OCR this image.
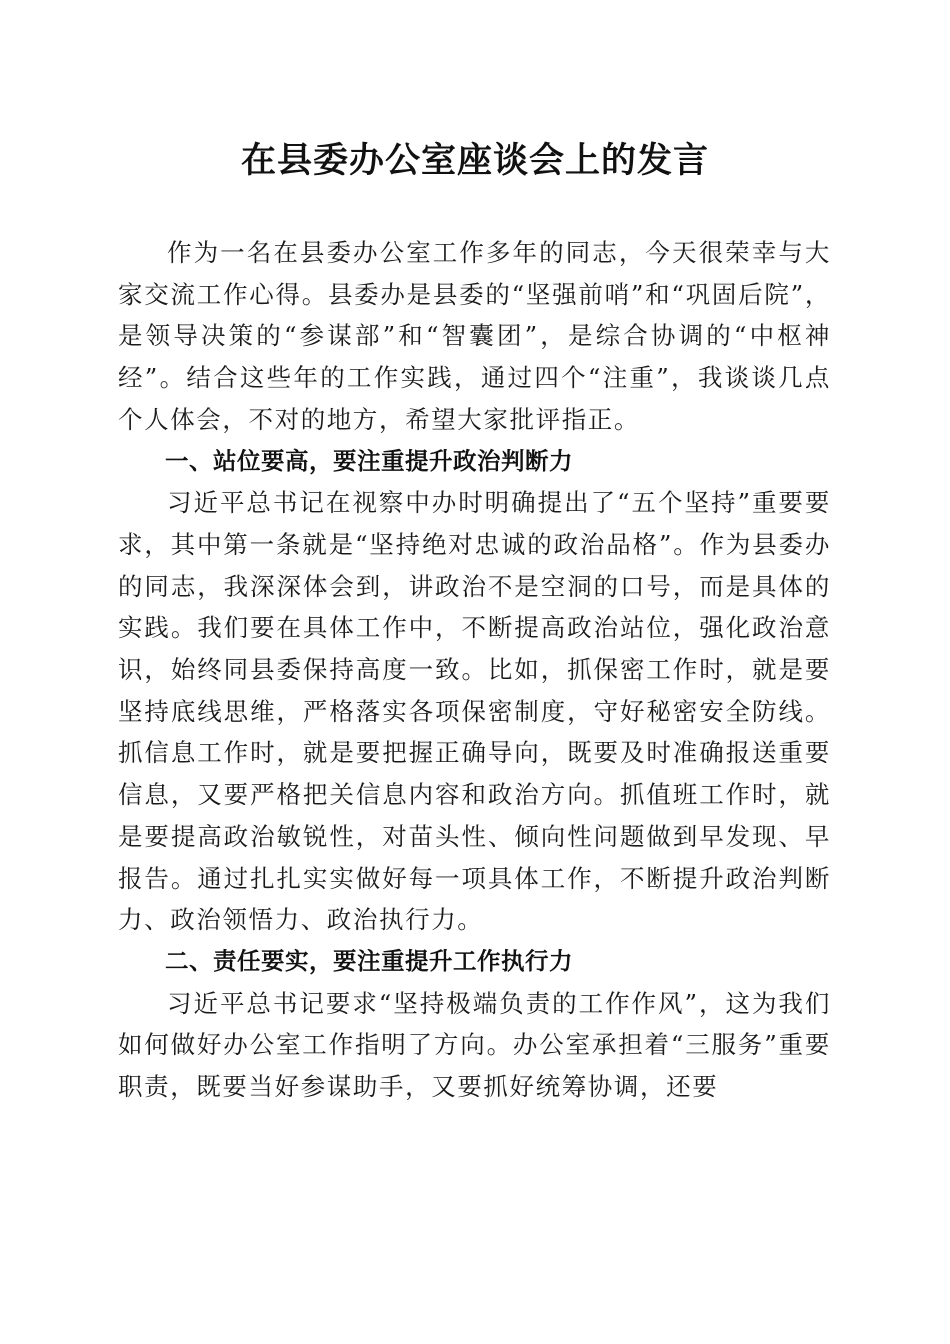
在县委办公室座谈会上的发言

作为一名在县委办公室工作多年的同志，今天很荣幸与大家交流工作心得。县委办是县委的“坚强前哨”和“巩固后院”，是领导决策的“参谋部”和“智囊团”，是综合协调的“中枢神经”。结合这些年的工作实践，通过四个“注重”，我谈谈几点个人体会，不对的地方，希望大家批评指正。

一、站位要高，要注重提升政治判断力

习近平总书记在视察中办时明确提出了“五个坚持”重要要求，其中第一条就是“坚持绝对忠诚的政治品格”。作为县委办的同志，我深深体会到，讲政治不是空洞的口号，而是具体的实践。我们要在具体工作中，不断提高政治站位，强化政治意识，始终同县委保持高度一致。比如，抓保密工作时，就是要坚持底线思维，严格落实各项保密制度，守好秘密安全防线。抓信息工作时，就是要把握正确导向，既要及时准确报送重要信息，又要严格把关信息内容和政治方向。抓值班工作时，就是要提高政治敏锐性，对苗头性、倾向性问题做到早发现、早报告。通过扎扎实实做好每一项具体工作，不断提升政治判断力、政治领悟力、政治执行力。

二、责任要实，要注重提升工作执行力

习近平总书记要求“坚持极端负责的工作作风”，这为我们如何做好办公室工作指明了方向。办公室承担着“三服务”重要职责，既要当好参谋助手，又要抓好统筹协调，还要
